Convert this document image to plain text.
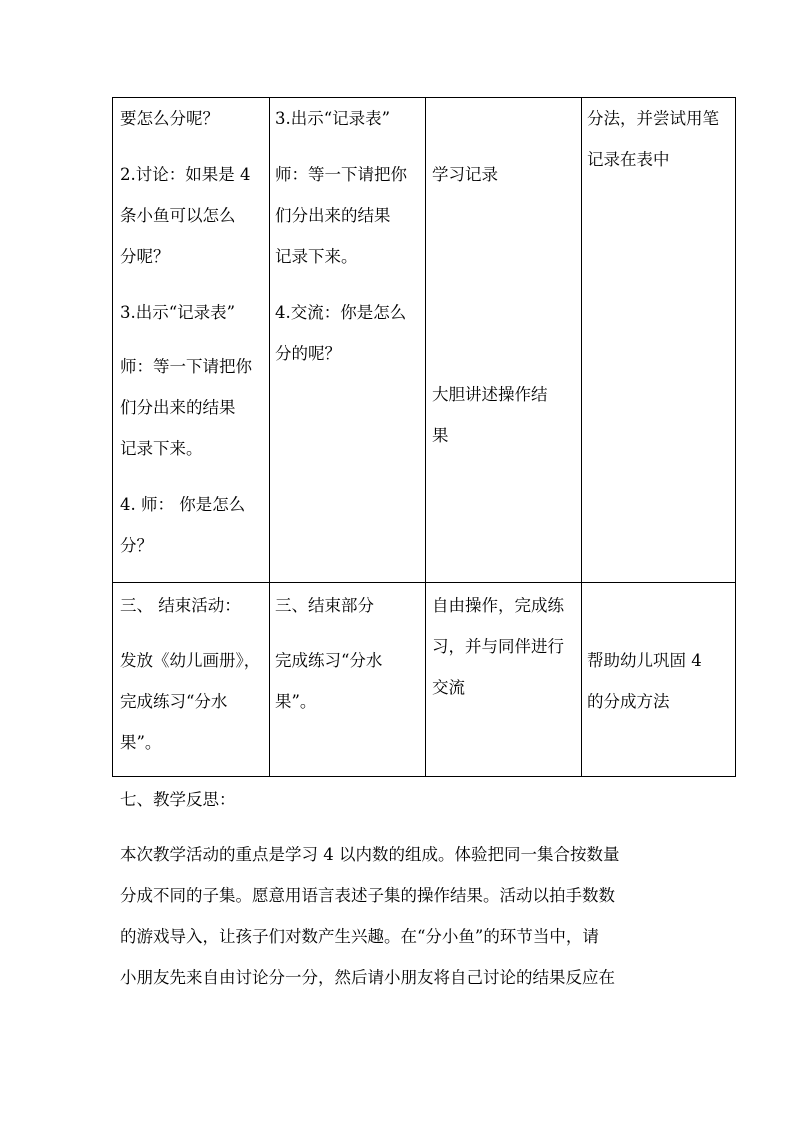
要怎么分呢？

2.讨论：如果是 4

条小鱼可以怎么

分呢？

3.出示“记录表”

师：等一下请把你

们分出来的结果

记录下来。

4. 师： 你是怎么

分？

3.出示“记录表”

师：等一下请把你

们分出来的结果

记录下来。

4.交流：你是怎么

分的呢？

学习记录

大胆讲述操作结

果

分法，并尝试用笔

记录在表中

三、 结束活动：

发放《幼儿画册》，

完成练习“分水

果”。

三、结束部分

完成练习“分水

果”。

自由操作，完成练

习，并与同伴进行

交流

帮助幼儿巩固 4

的分成方法

七、教学反思：

本次教学活动的重点是学习 4 以内数的组成。体验把同一集合按数量

分成不同的子集。愿意用语言表述子集的操作结果。活动以拍手数数

的游戏导入，让孩子们对数产生兴趣。在“分小鱼”的环节当中，请

小朋友先来自由讨论分一分，然后请小朋友将自己讨论的结果反应在
